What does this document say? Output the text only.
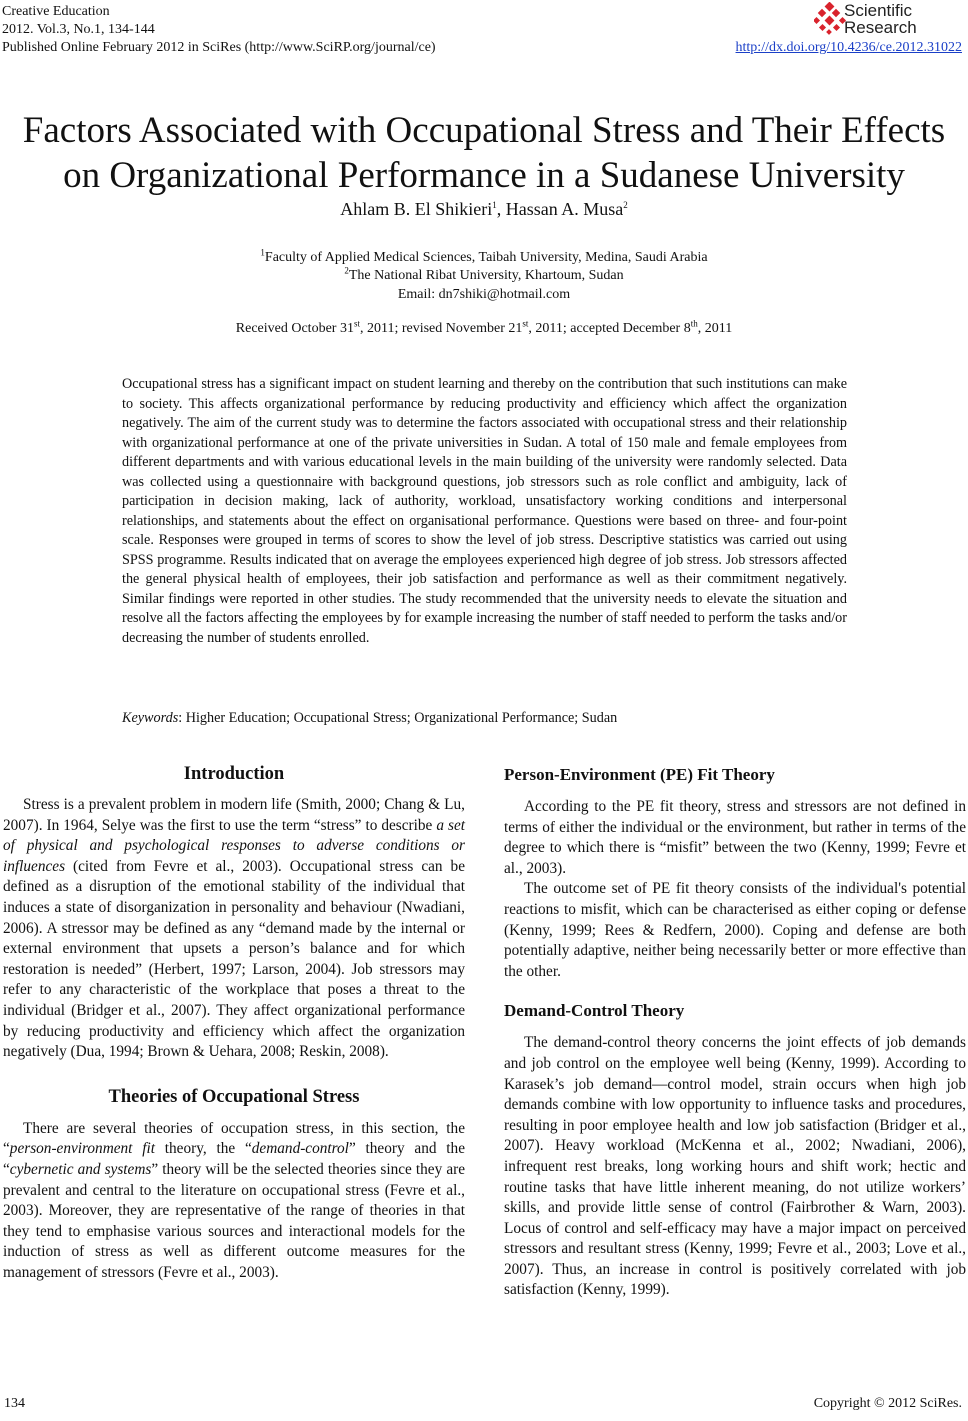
Creative Education
2012. Vol.3, No.1, 134-144
Published Online February 2012 in SciRes (http://www.SciRP.org/journal/ce)	http://dx.doi.org/10.4236/ce.2012.31022
Scientific
Research
Factors Associated with Occupational Stress and Their Effects
on Organizational Performance in a Sudanese University
Ahlam B. El Shikieri$^1$, Hassan A. Musa$^2$
$^1$Faculty of Applied Medical Sciences, Taibah University, Medina, Saudi Arabia
$^2$The National Ribat University, Khartoum, Sudan
Email: dn7shiki@hotmail.com
Received October 31st, 2011; revised November 21st, 2011; accepted December 8th, 2011
Occupational stress has a significant impact on student learning and thereby on the contribution that such institutions can make to society. This affects organizational performance by reducing productivity and efficiency which affect the organization negatively. The aim of the current study was to determine the factors associated with occupational stress and their relationship with organizational performance at one of the private universities in Sudan. A total of 150 male and female employees from different departments and with various educational levels in the main building of the university were randomly selected. Data was collected using a questionnaire with background questions, job stressors such as role conflict and ambiguity, lack of participation in decision making, lack of authority, workload, unsatisfactory working conditions and interpersonal relationships, and statements about the effect on organisational performance. Questions were based on three- and four-point scale. Responses were grouped in terms of scores to show the level of job stress. Descriptive statistics was carried out using SPSS programme. Results indicated that on average the employees experienced high degree of job stress. Job stressors affected the general physical health of employees, their job satisfaction and performance as well as their commitment negatively. Similar findings were reported in other studies. The study recommended that the university needs to elevate the situation and resolve all the factors affecting the employees by for example increasing the number of staff needed to perform the tasks and/or decreasing the number of students enrolled.
Keywords: Higher Education; Occupational Stress; Organizational Performance; Sudan
Introduction

Stress is a prevalent problem in modern life (Smith, 2000; Chang & Lu, 2007). In 1964, Selye was the first to use the term “stress” to describe a set of physical and psychological responses to adverse conditions or influences (cited from Fevre et al., 2003). Occupational stress can be defined as a disruption of the emotional stability of the individual that induces a state of disorganization in personality and behaviour (Nwadiani, 2006). A stressor may be defined as any “demand made by the internal or external environment that upsets a person’s balance and for which restoration is needed” (Herbert, 1997; Larson, 2004). Job stressors may refer to any characteristic of the workplace that poses a threat to the individual (Bridger et al., 2007). They affect organizational performance by reducing productivity and efficiency which affect the organization negatively (Dua, 1994; Brown & Uehara, 2008; Reskin, 2008).

Theories of Occupational Stress

There are several theories of occupation stress, in this section, the “person-environment fit theory, the “demand-control” theory and the “cybernetic and systems” theory will be the selected theories since they are prevalent and central to the literature on occupational stress (Fevre et al., 2003). Moreover, they are representative of the range of theories in that they tend to emphasise various sources and interactional models for the induction of stress as well as different outcome measures for the management of stressors (Fevre et al., 2003).

Person-Environment (PE) Fit Theory

According to the PE fit theory, stress and stressors are not defined in terms of either the individual or the environment, but rather in terms of the degree to which there is “misfit” between the two (Kenny, 1999; Fevre et al., 2003).

The outcome set of PE fit theory consists of the individual's potential reactions to misfit, which can be characterised as either coping or defense (Kenny, 1999; Rees & Redfern, 2000). Coping and defense are both potentially adaptive, neither being necessarily better or more effective than the other.

Demand-Control Theory

The demand-control theory concerns the joint effects of job demands and job control on the employee well being (Kenny, 1999). According to Karasek’s job demand—control model, strain occurs when high job demands combine with low opportunity to influence tasks and procedures, resulting in poor employee health and low job satisfaction (Bridger et al., 2007). Heavy workload (McKenna et al., 2002; Nwadiani, 2006), infrequent rest breaks, long working hours and shift work; hectic and routine tasks that have little inherent meaning, do not utilize workers’ skills, and provide little sense of control (Fairbrother & Warn, 2003). Locus of control and self-efficacy may have a major impact on perceived stressors and resultant stress (Kenny, 1999; Fevre et al., 2003; Love et al., 2007). Thus, an increase in control is positively correlated with job satisfaction (Kenny, 1999).

134	Copyright © 2012 SciRes.
